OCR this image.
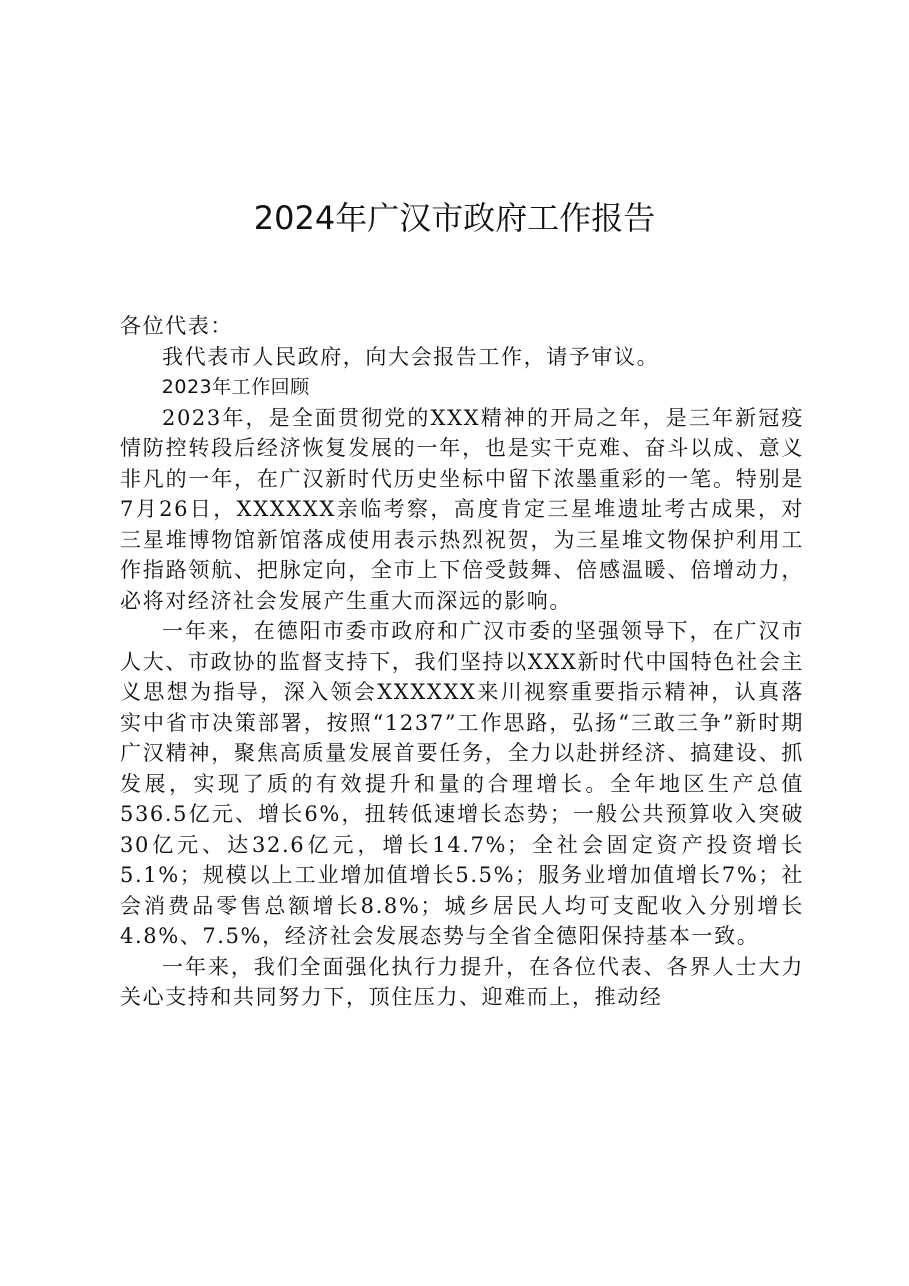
2024年广汉市政府工作报告

各位代表：

我代表市人民政府，向大会报告工作，请予审议。

2023年工作回顾

2023年，是全面贯彻党的XXX精神的开局之年，是三年新冠疫情防控转段后经济恢复发展的一年，也是实干克难、奋斗以成、意义非凡的一年，在广汉新时代历史坐标中留下浓墨重彩的一笔。特别是7月26日，XXXXXX亲临考察，高度肯定三星堆遗址考古成果，对三星堆博物馆新馆落成使用表示热烈祝贺，为三星堆文物保护利用工作指路领航、把脉定向，全市上下倍受鼓舞、倍感温暖、倍增动力，必将对经济社会发展产生重大而深远的影响。

一年来，在德阳市委市政府和广汉市委的坚强领导下，在广汉市人大、市政协的监督支持下，我们坚持以XXX新时代中国特色社会主义思想为指导，深入领会XXXXXX来川视察重要指示精神，认真落实中省市决策部署，按照“1237”工作思路，弘扬“三敢三争”新时期广汉精神，聚焦高质量发展首要任务，全力以赴拼经济、搞建设、抓发展，实现了质的有效提升和量的合理增长。全年地区生产总值536.5亿元、增长6%，扭转低速增长态势；一般公共预算收入突破30亿元、达32.6亿元，增长14.7%；全社会固定资产投资增长5.1%；规模以上工业增加值增长5.5%；服务业增加值增长7%；社会消费品零售总额增长8.8%；城乡居民人均可支配收入分别增长4.8%、7.5%，经济社会发展态势与全省全德阳保持基本一致。

一年来，我们全面强化执行力提升，在各位代表、各界人士大力关心支持和共同努力下，顶住压力、迎难而上，推动经
